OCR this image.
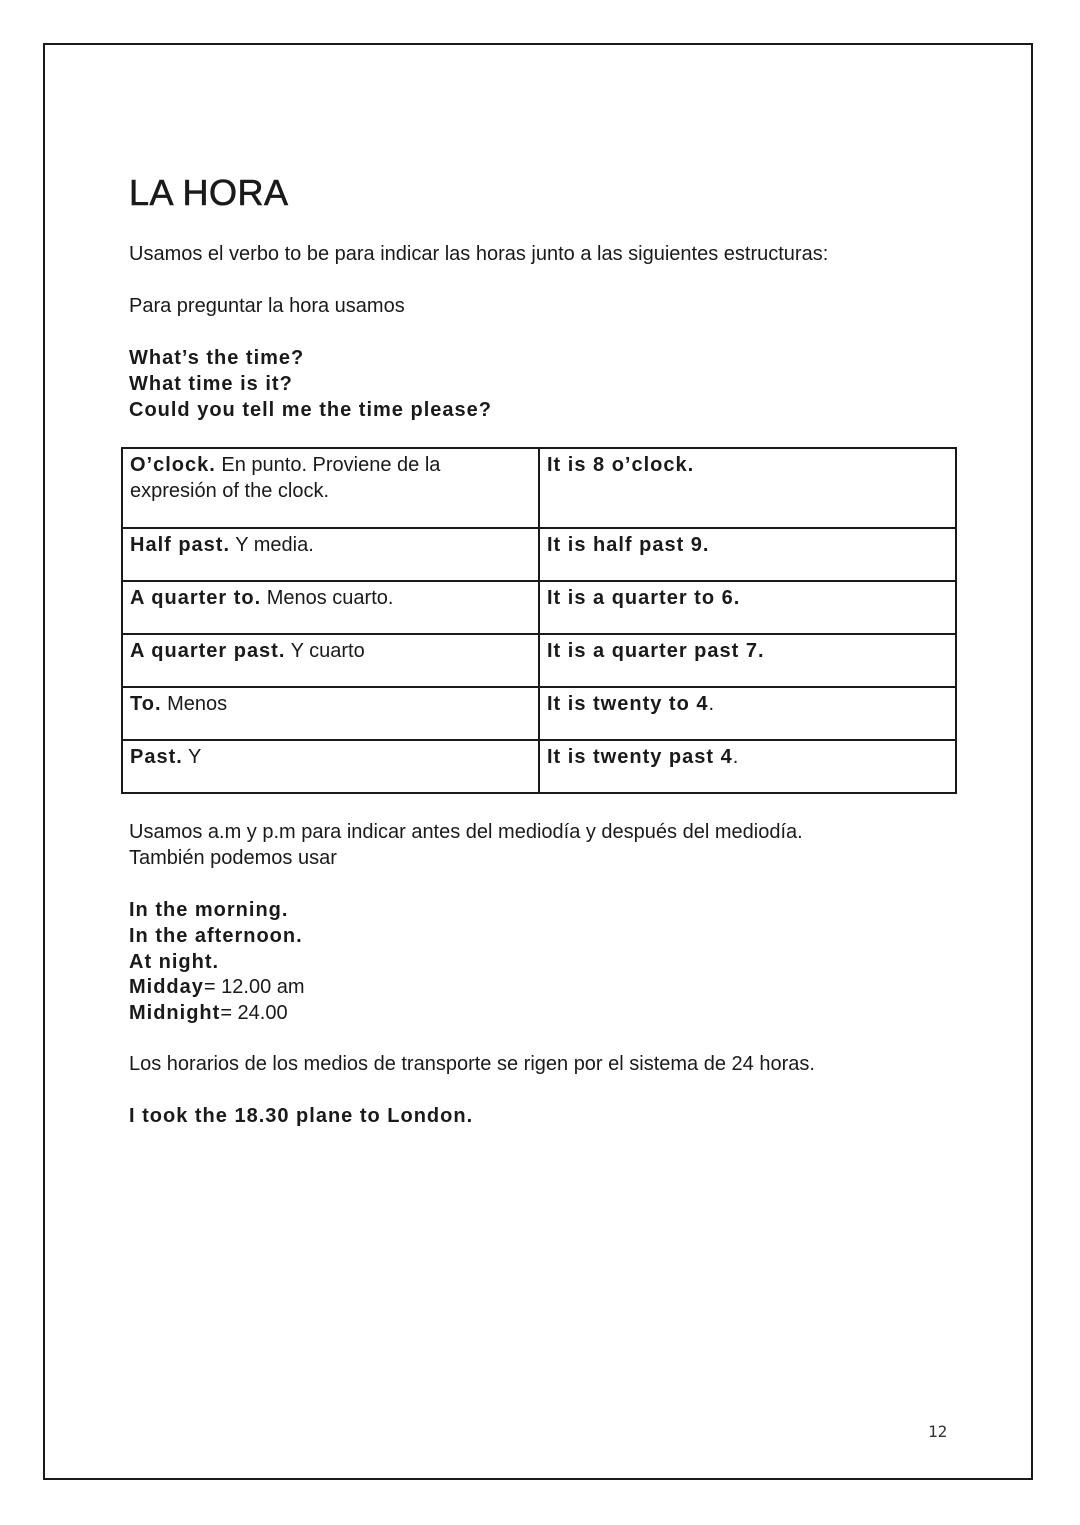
LA HORA

Usamos el verbo to be para indicar las horas junto a las siguientes estructuras:

Para preguntar la hora usamos

What’s the time?

What time is it?

Could you tell me the time please?

O’clock. En punto. Proviene de la expresión of the clock.	It is 8 o’clock.
Half past. Y media.	It is half past 9.
A quarter to. Menos cuarto.	It is a quarter to 6.
A quarter past. Y cuarto	It is a quarter past 7.
To. Menos	It is twenty to 4.
Past. Y	It is twenty past 4.

Usamos a.m y p.m para indicar antes del mediodía y después del mediodía.

También podemos usar

In the morning.

In the afternoon.

At night.

Midday= 12.00 am

Midnight= 24.00

Los horarios de los medios de transporte se rigen por el sistema de 24 horas.

I took the 18.30 plane to London.

12
